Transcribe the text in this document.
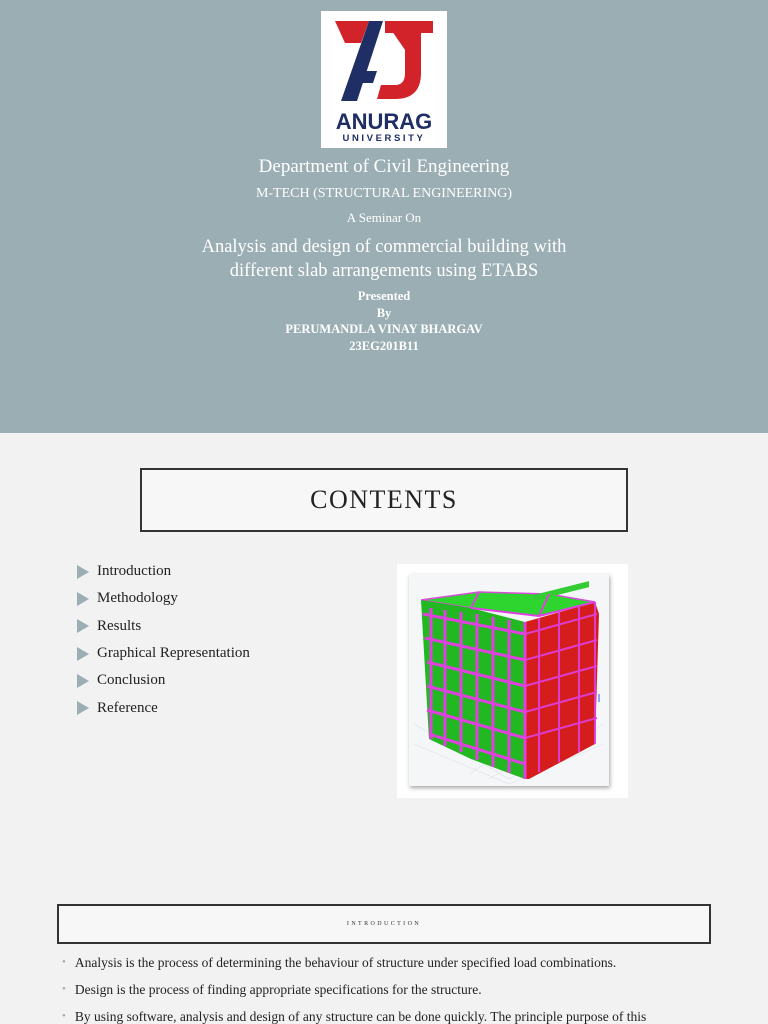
ANURAG
UNIVERSITY
Department of Civil Engineering
M-TECH (STRUCTURAL ENGINEERING)
A Seminar On
Analysis and design of commercial building with
different slab arrangements using ETABS
Presented
By
PERUMANDLA VINAY BHARGAV
23EG201B11
CONTENTS
Introduction
Methodology
Results
Graphical Representation
Conclusion
Reference
INTRODUCTION
• Analysis is the process of determining the behaviour of structure under specified load combinations.
• Design is the process of finding appropriate specifications for the structure.
• By using software, analysis and design of any structure can be done quickly. The principle purpose of this
